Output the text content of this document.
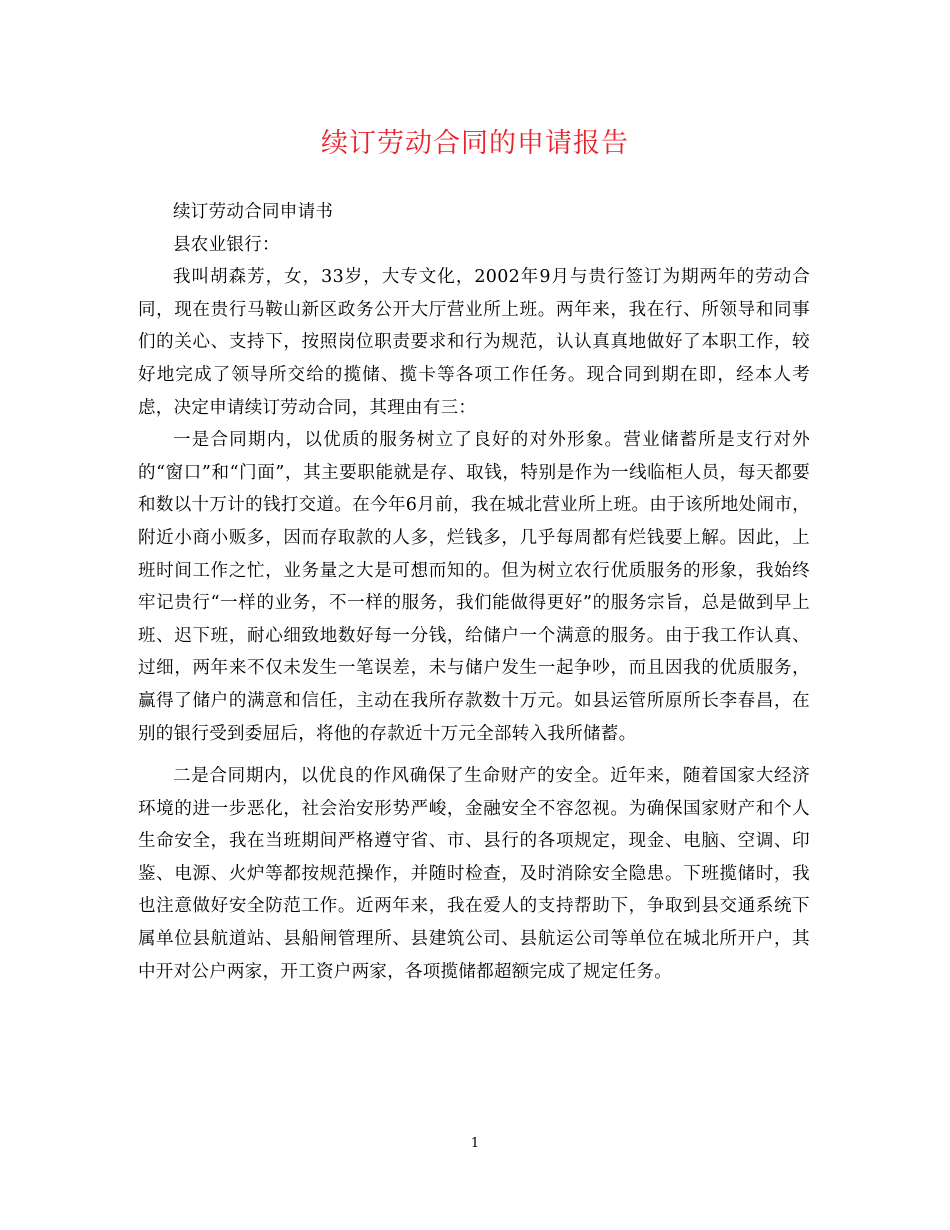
续订劳动合同的申请报告

续订劳动合同申请书

县农业银行：

我叫胡森芳，女，33岁，大专文化，2002年9月与贵行签订为期两年的劳动合同，现在贵行马鞍山新区政务公开大厅营业所上班。两年来，我在行、所领导和同事们的关心、支持下，按照岗位职责要求和行为规范，认认真真地做好了本职工作，较好地完成了领导所交给的揽储、揽卡等各项工作任务。现合同到期在即，经本人考虑，决定申请续订劳动合同，其理由有三：

一是合同期内，以优质的服务树立了良好的对外形象。营业储蓄所是支行对外的“窗口”和“门面”，其主要职能就是存、取钱，特别是作为一线临柜人员，每天都要和数以十万计的钱打交道。在今年6月前，我在城北营业所上班。由于该所地处闹市，附近小商小贩多，因而存取款的人多，烂钱多，几乎每周都有烂钱要上解。因此，上班时间工作之忙，业务量之大是可想而知的。但为树立农行优质服务的形象，我始终牢记贵行“一样的业务，不一样的服务，我们能做得更好”的服务宗旨，总是做到早上班、迟下班，耐心细致地数好每一分钱，给储户一个满意的服务。由于我工作认真、过细，两年来不仅未发生一笔误差，未与储户发生一起争吵，而且因我的优质服务，赢得了储户的满意和信任，主动在我所存款数十万元。如县运管所原所长李春昌，在别的银行受到委屈后，将他的存款近十万元全部转入我所储蓄。

二是合同期内，以优良的作风确保了生命财产的安全。近年来，随着国家大经济环境的进一步恶化，社会治安形势严峻，金融安全不容忽视。为确保国家财产和个人生命安全，我在当班期间严格遵守省、市、县行的各项规定，现金、电脑、空调、印鉴、电源、火炉等都按规范操作，并随时检查，及时消除安全隐患。下班揽储时，我也注意做好安全防范工作。近两年来，我在爱人的支持帮助下，争取到县交通系统下属单位县航道站、县船闸管理所、县建筑公司、县航运公司等单位在城北所开户，其中开对公户两家，开工资户两家，各项揽储都超额完成了规定任务。

1
